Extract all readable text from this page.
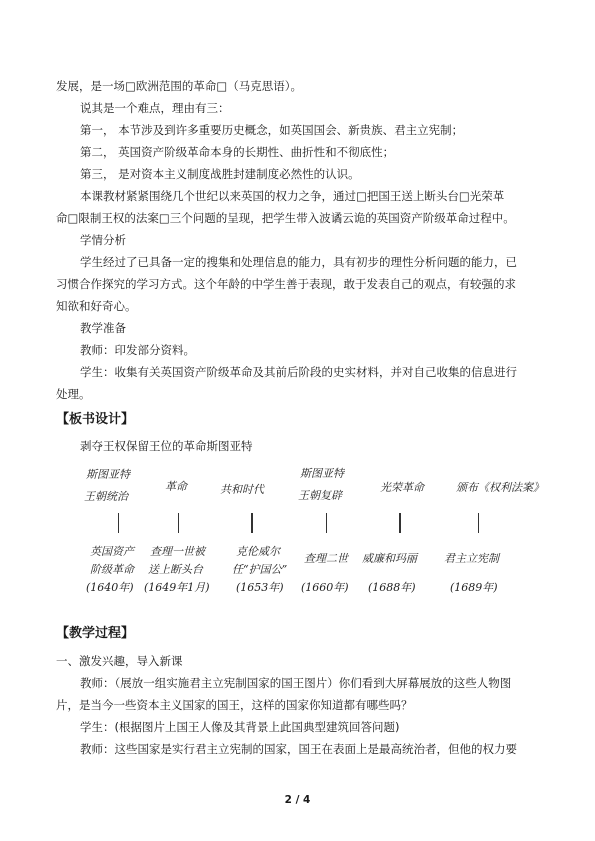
发展，是一场□欧洲范围的革命□（马克思语）。

说其是一个难点，理由有三：

第一， 本节涉及到许多重要历史概念，如英国国会、新贵族、君主立宪制；

第二， 英国资产阶级革命本身的长期性、曲折性和不彻底性；

第三， 是对资本主义制度战胜封建制度必然性的认识。

本课教材紧紧围绕几个世纪以来英国的权力之争，通过□把国王送上断头台□光荣革

命□限制王权的法案□三个问题的呈现，把学生带入波谲云诡的英国资产阶级革命过程中。

学情分析

学生经过了已具备一定的搜集和处理信息的能力，具有初步的理性分析问题的能力，已

习惯合作探究的学习方式。这个年龄的中学生善于表现，敢于发表自己的观点，有较强的求

知欲和好奇心。

教学准备

教师：印发部分资料。

学生：收集有关英国资产阶级革命及其前后阶段的史实材料，并对自己收集的信息进行

处理。

【板书设计】

剥夺王权保留王位的革命斯图亚特

斯图亚特
王朝统治
革命	共和时代
斯图亚特
王朝复辟
光荣革命	颁布《权利法案》
英国资产
阶级革命
(1640年)
查理一世被
送上断头台
(1649年1月)
克伦威尔
任“护国公”
(1653年)
查理二世
(1660年)
威廉和玛丽
(1688年)
君主立宪制
(1689年)

【教学过程】

一、激发兴趣，导入新课

教师：（展放一组实施君主立宪制国家的国王图片）你们看到大屏幕展放的这些人物图

片，是当今一些资本主义国家的国王，这样的国家你知道都有哪些吗？

学生：(根据图片上国王人像及其背景上此国典型建筑回答问题)

教师：这些国家是实行君主立宪制的国家，国王在表面上是最高统治者，但他的权力要

2 / 4
